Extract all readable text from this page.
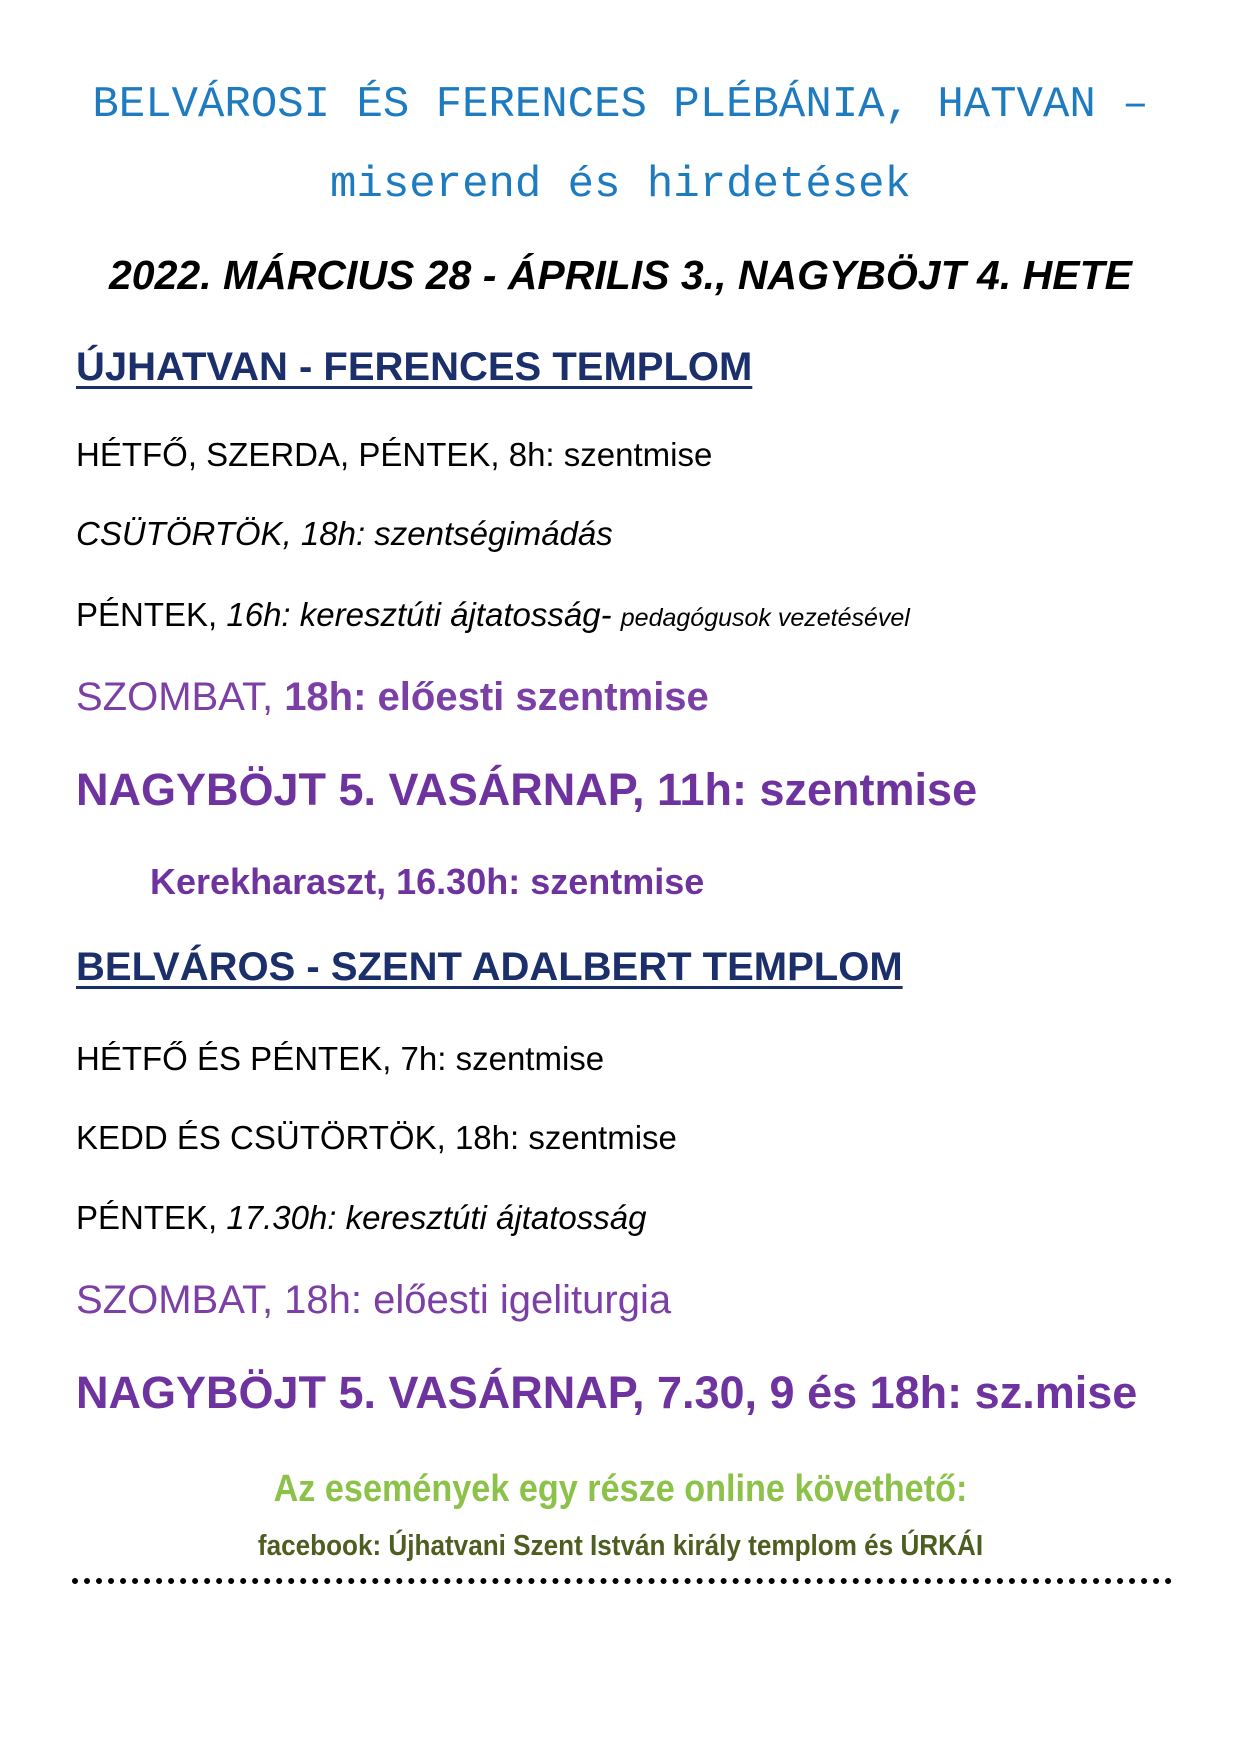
BELVÁROSI ÉS FERENCES PLÉBÁNIA, HATVAN –
miserend és hirdetések
2022. MÁRCIUS 28 - ÁPRILIS 3., NAGYBÖJT 4. HETE
ÚJHATVAN - FERENCES TEMPLOM
HÉTFŐ, SZERDA, PÉNTEK, 8h: szentmise
CSÜTÖRTÖK, 18h: szentségimádás
PÉNTEK, 16h: keresztúti ájtatosság- pedagógusok vezetésével
SZOMBAT, 18h: előesti szentmise
NAGYBÖJT 5. VASÁRNAP, 11h: szentmise
Kerekharaszt, 16.30h: szentmise
BELVÁROS - SZENT ADALBERT TEMPLOM
HÉTFŐ ÉS PÉNTEK, 7h: szentmise
KEDD ÉS CSÜTÖRTÖK, 18h: szentmise
PÉNTEK, 17.30h: keresztúti ájtatosság
SZOMBAT, 18h: előesti igeliturgia
NAGYBÖJT 5. VASÁRNAP, 7.30, 9 és 18h: sz.mise
Az események egy része online követhető:
facebook: Újhatvani Szent István király templom és ÚRKÁI
